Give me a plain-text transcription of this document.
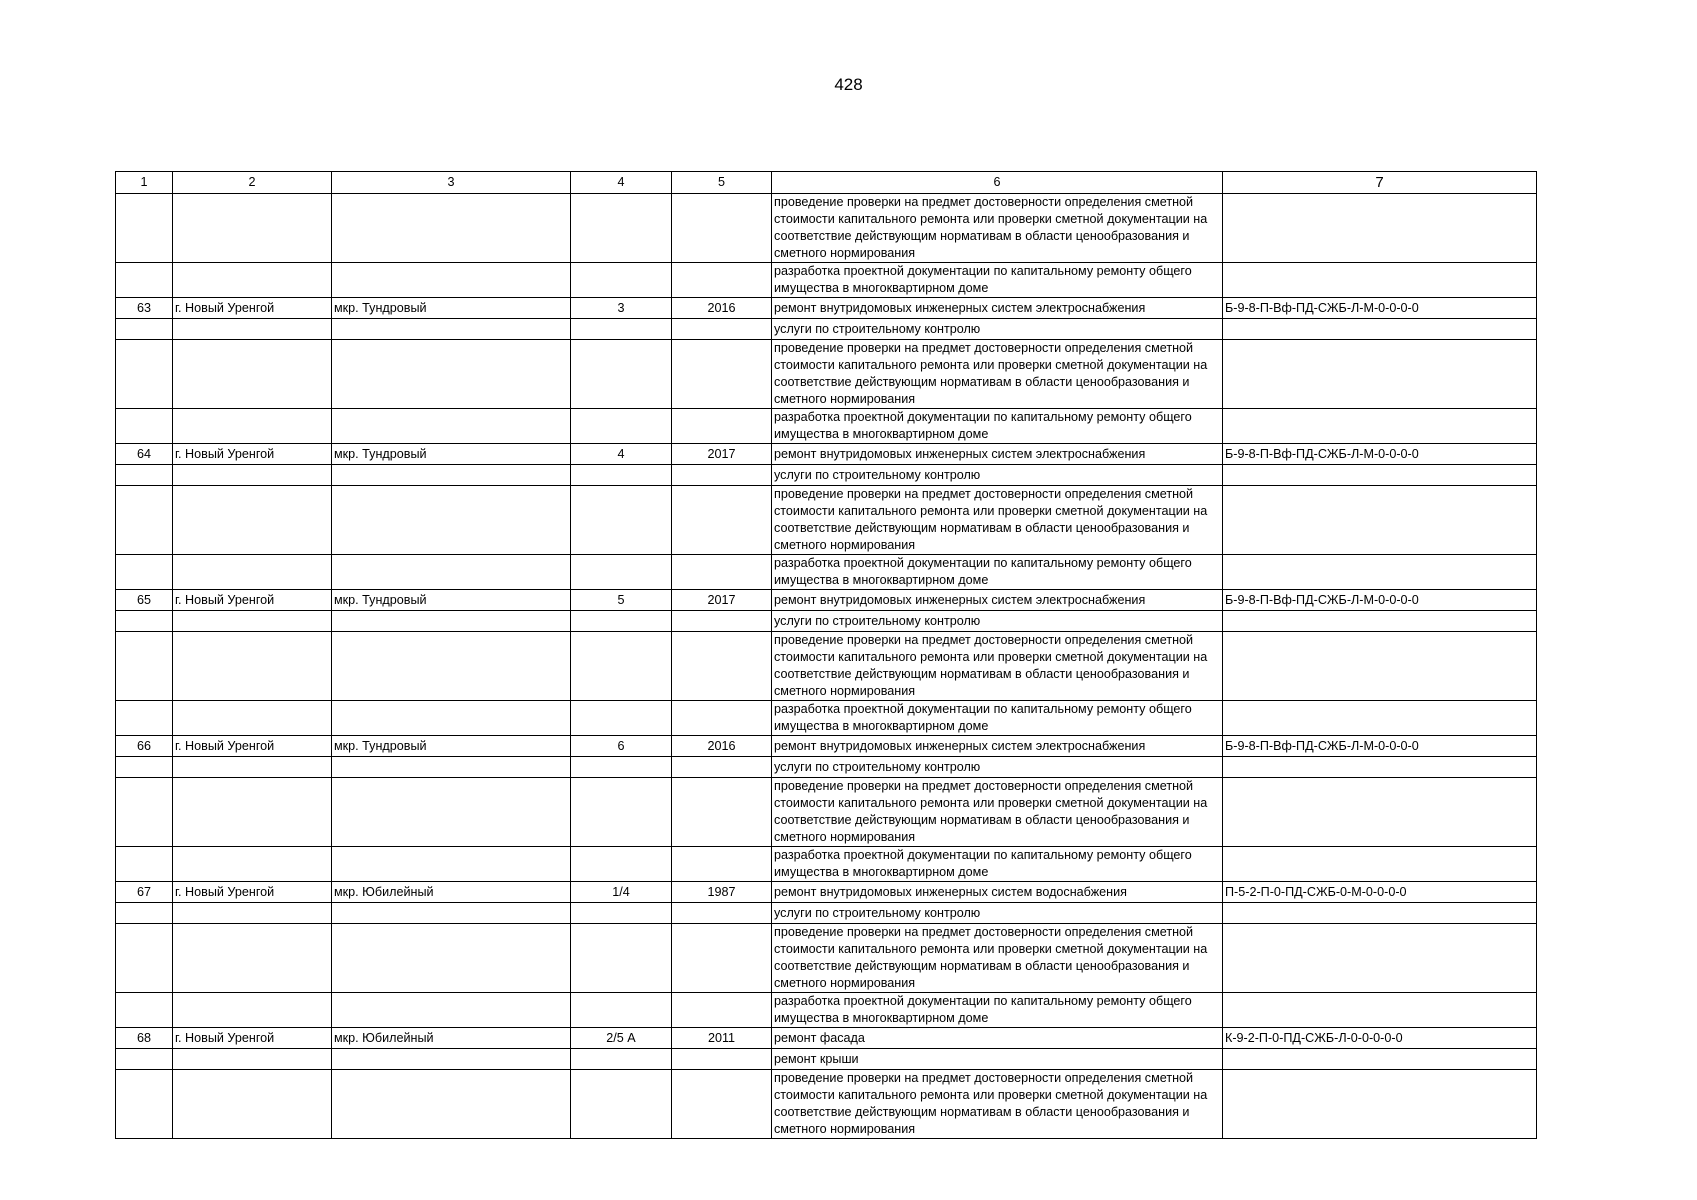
428
1	2	3	4	5	6	7
					проведение проверки на предмет достоверности определения сметной стоимости капитального ремонта или проверки сметной документации на соответствие действующим нормативам в области ценообразования и сметного нормирования	
					разработка проектной документации по капитальному ремонту общего имущества в многоквартирном доме	
63	г. Новый Уренгой	мкр. Тундровый	3	2016	ремонт внутридомовых инженерных систем электроснабжения	Б-9-8-П-Вф-ПД-СЖБ-Л-М-0-0-0-0
					услуги по строительному контролю	
					проведение проверки на предмет достоверности определения сметной стоимости капитального ремонта или проверки сметной документации на соответствие действующим нормативам в области ценообразования и сметного нормирования	
					разработка проектной документации по капитальному ремонту общего имущества в многоквартирном доме	
64	г. Новый Уренгой	мкр. Тундровый	4	2017	ремонт внутридомовых инженерных систем электроснабжения	Б-9-8-П-Вф-ПД-СЖБ-Л-М-0-0-0-0
					услуги по строительному контролю	
					проведение проверки на предмет достоверности определения сметной стоимости капитального ремонта или проверки сметной документации на соответствие действующим нормативам в области ценообразования и сметного нормирования	
					разработка проектной документации по капитальному ремонту общего имущества в многоквартирном доме	
65	г. Новый Уренгой	мкр. Тундровый	5	2017	ремонт внутридомовых инженерных систем электроснабжения	Б-9-8-П-Вф-ПД-СЖБ-Л-М-0-0-0-0
					услуги по строительному контролю	
					проведение проверки на предмет достоверности определения сметной стоимости капитального ремонта или проверки сметной документации на соответствие действующим нормативам в области ценообразования и сметного нормирования	
					разработка проектной документации по капитальному ремонту общего имущества в многоквартирном доме	
66	г. Новый Уренгой	мкр. Тундровый	6	2016	ремонт внутридомовых инженерных систем электроснабжения	Б-9-8-П-Вф-ПД-СЖБ-Л-М-0-0-0-0
					услуги по строительному контролю	
					проведение проверки на предмет достоверности определения сметной стоимости капитального ремонта или проверки сметной документации на соответствие действующим нормативам в области ценообразования и сметного нормирования	
					разработка проектной документации по капитальному ремонту общего имущества в многоквартирном доме	
67	г. Новый Уренгой	мкр. Юбилейный	1/4	1987	ремонт внутридомовых инженерных систем водоснабжения	П-5-2-П-0-ПД-СЖБ-0-М-0-0-0-0
					услуги по строительному контролю	
					проведение проверки на предмет достоверности определения сметной стоимости капитального ремонта или проверки сметной документации на соответствие действующим нормативам в области ценообразования и сметного нормирования	
					разработка проектной документации по капитальному ремонту общего имущества в многоквартирном доме	
68	г. Новый Уренгой	мкр. Юбилейный	2/5 А	2011	ремонт фасада	К-9-2-П-0-ПД-СЖБ-Л-0-0-0-0-0
					ремонт крыши	
					проведение проверки на предмет достоверности определения сметной стоимости капитального ремонта или проверки сметной документации на соответствие действующим нормативам в области ценообразования и сметного нормирования	
